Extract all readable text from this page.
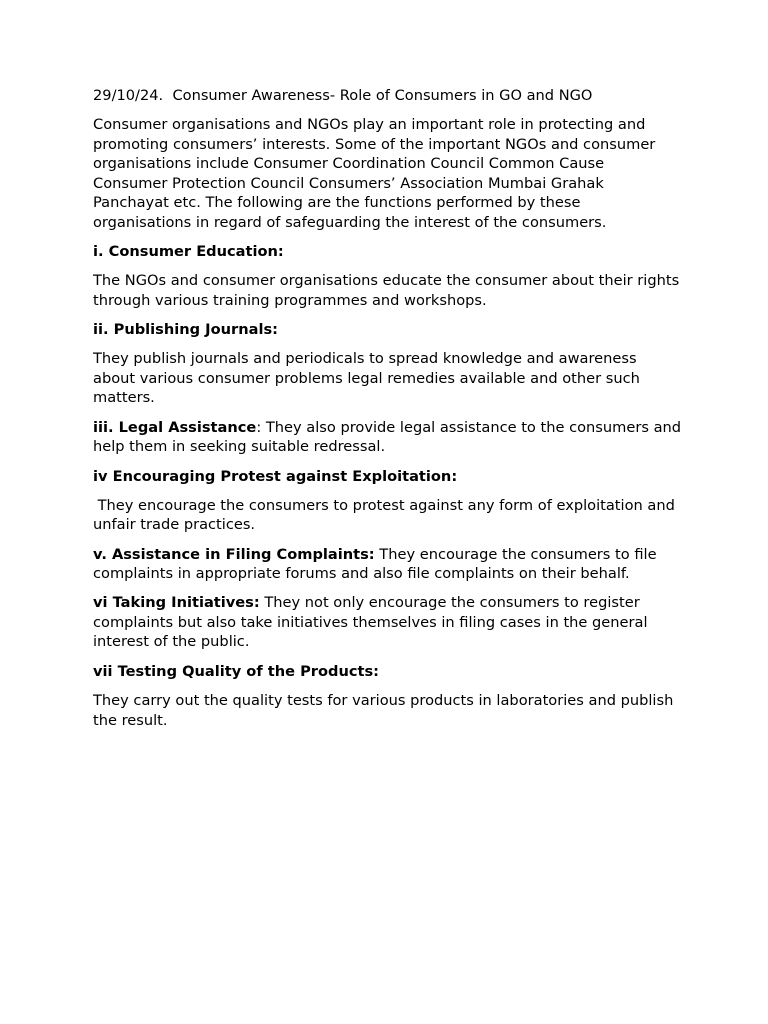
29/10/24.  Consumer Awareness- Role of Consumers in GO and NGO

Consumer organisations and NGOs play an important role in protecting and promoting consumers’ interests. Some of the important NGOs and consumer organisations include Consumer Coordination Council Common Cause Consumer Protection Council Consumers’ Association Mumbai Grahak Panchayat etc. The following are the functions performed by these organisations in regard of safeguarding the interest of the consumers.

i. Consumer Education:

The NGOs and consumer organisations educate the consumer about their rights through various training programmes and workshops.

ii. Publishing Journals:

They publish journals and periodicals to spread knowledge and awareness about various consumer problems legal remedies available and other such matters.

iii. Legal Assistance: They also provide legal assistance to the consumers and help them in seeking suitable redressal.

iv Encouraging Protest against Exploitation:

They encourage the consumers to protest against any form of exploitation and unfair trade practices.

v. Assistance in Filing Complaints: They encourage the consumers to file complaints in appropriate forums and also file complaints on their behalf.

vi Taking Initiatives: They not only encourage the consumers to register complaints but also take initiatives themselves in filing cases in the general interest of the public.

vii Testing Quality of the Products:

They carry out the quality tests for various products in laboratories and publish the result.
